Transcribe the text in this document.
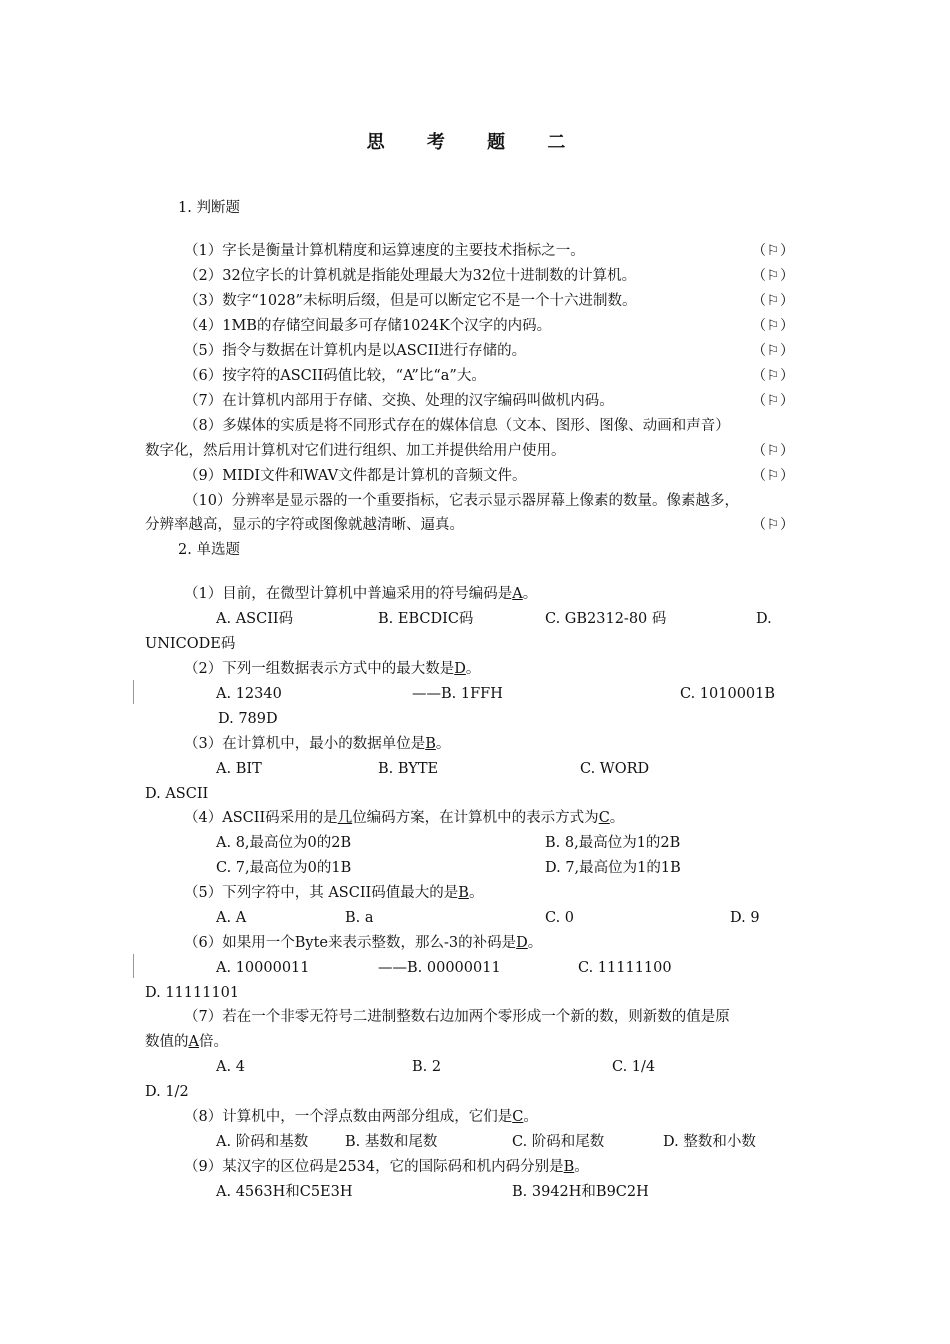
思 考 题 二
1. 判断题
（1）字长是衡量计算机精度和运算速度的主要技术指标之一。	（⚐）
（2）32位字长的计算机就是指能处理最大为32位十进制数的计算机。	（⚐）
（3）数字“1028”未标明后缀，但是可以断定它不是一个十六进制数。	（⚐）
（4）1MB的存储空间最多可存储1024K个汉字的内码。	（⚐）
（5）指令与数据在计算机内是以ASCII进行存储的。	（⚐）
（6）按字符的ASCII码值比较，“A”比“a”大。	（⚐）
（7）在计算机内部用于存储、交换、处理的汉字编码叫做机内码。	（⚐）
（8）多媒体的实质是将不同形式存在的媒体信息（文本、图形、图像、动画和声音）
数字化，然后用计算机对它们进行组织、加工并提供给用户使用。	（⚐）
（9）MIDI文件和WAV文件都是计算机的音频文件。	（⚐）
（10）分辨率是显示器的一个重要指标，它表示显示器屏幕上像素的数量。像素越多，
分辨率越高，显示的字符或图像就越清晰、逼真。	（⚐）
2. 单选题
（1）目前，在微型计算机中普遍采用的符号编码是A。
A. ASCII码	B. EBCDIC码	C. GB2312-80 码	D.
UNICODE码
（2）下列一组数据表示方式中的最大数是D。
A. 12340	——B. 1FFH	C. 1010001B
D. 789D
（3）在计算机中，最小的数据单位是B。
A. BIT	B. BYTE	C. WORD
D. ASCII
（4）ASCII码采用的是几位编码方案，在计算机中的表示方式为C。
A. 8,最高位为0的2B	B. 8,最高位为1的2B
C. 7,最高位为0的1B	D. 7,最高位为1的1B
（5）下列字符中，其 ASCII码值最大的是B。
A. A	B. a	C. 0	D. 9
（6）如果用一个Byte来表示整数，那么-3的补码是D。
A. 10000011	——B. 00000011	C. 11111100
D. 11111101
（7）若在一个非零无符号二进制整数右边加两个零形成一个新的数，则新数的值是原
数值的A倍。
A. 4	B. 2	C. 1/4
D. 1/2
（8）计算机中，一个浮点数由两部分组成，它们是C。
A. 阶码和基数	B. 基数和尾数	C. 阶码和尾数	D. 整数和小数
（9）某汉字的区位码是2534，它的国际码和机内码分别是B。
A. 4563H和C5E3H	B. 3942H和B9C2H
